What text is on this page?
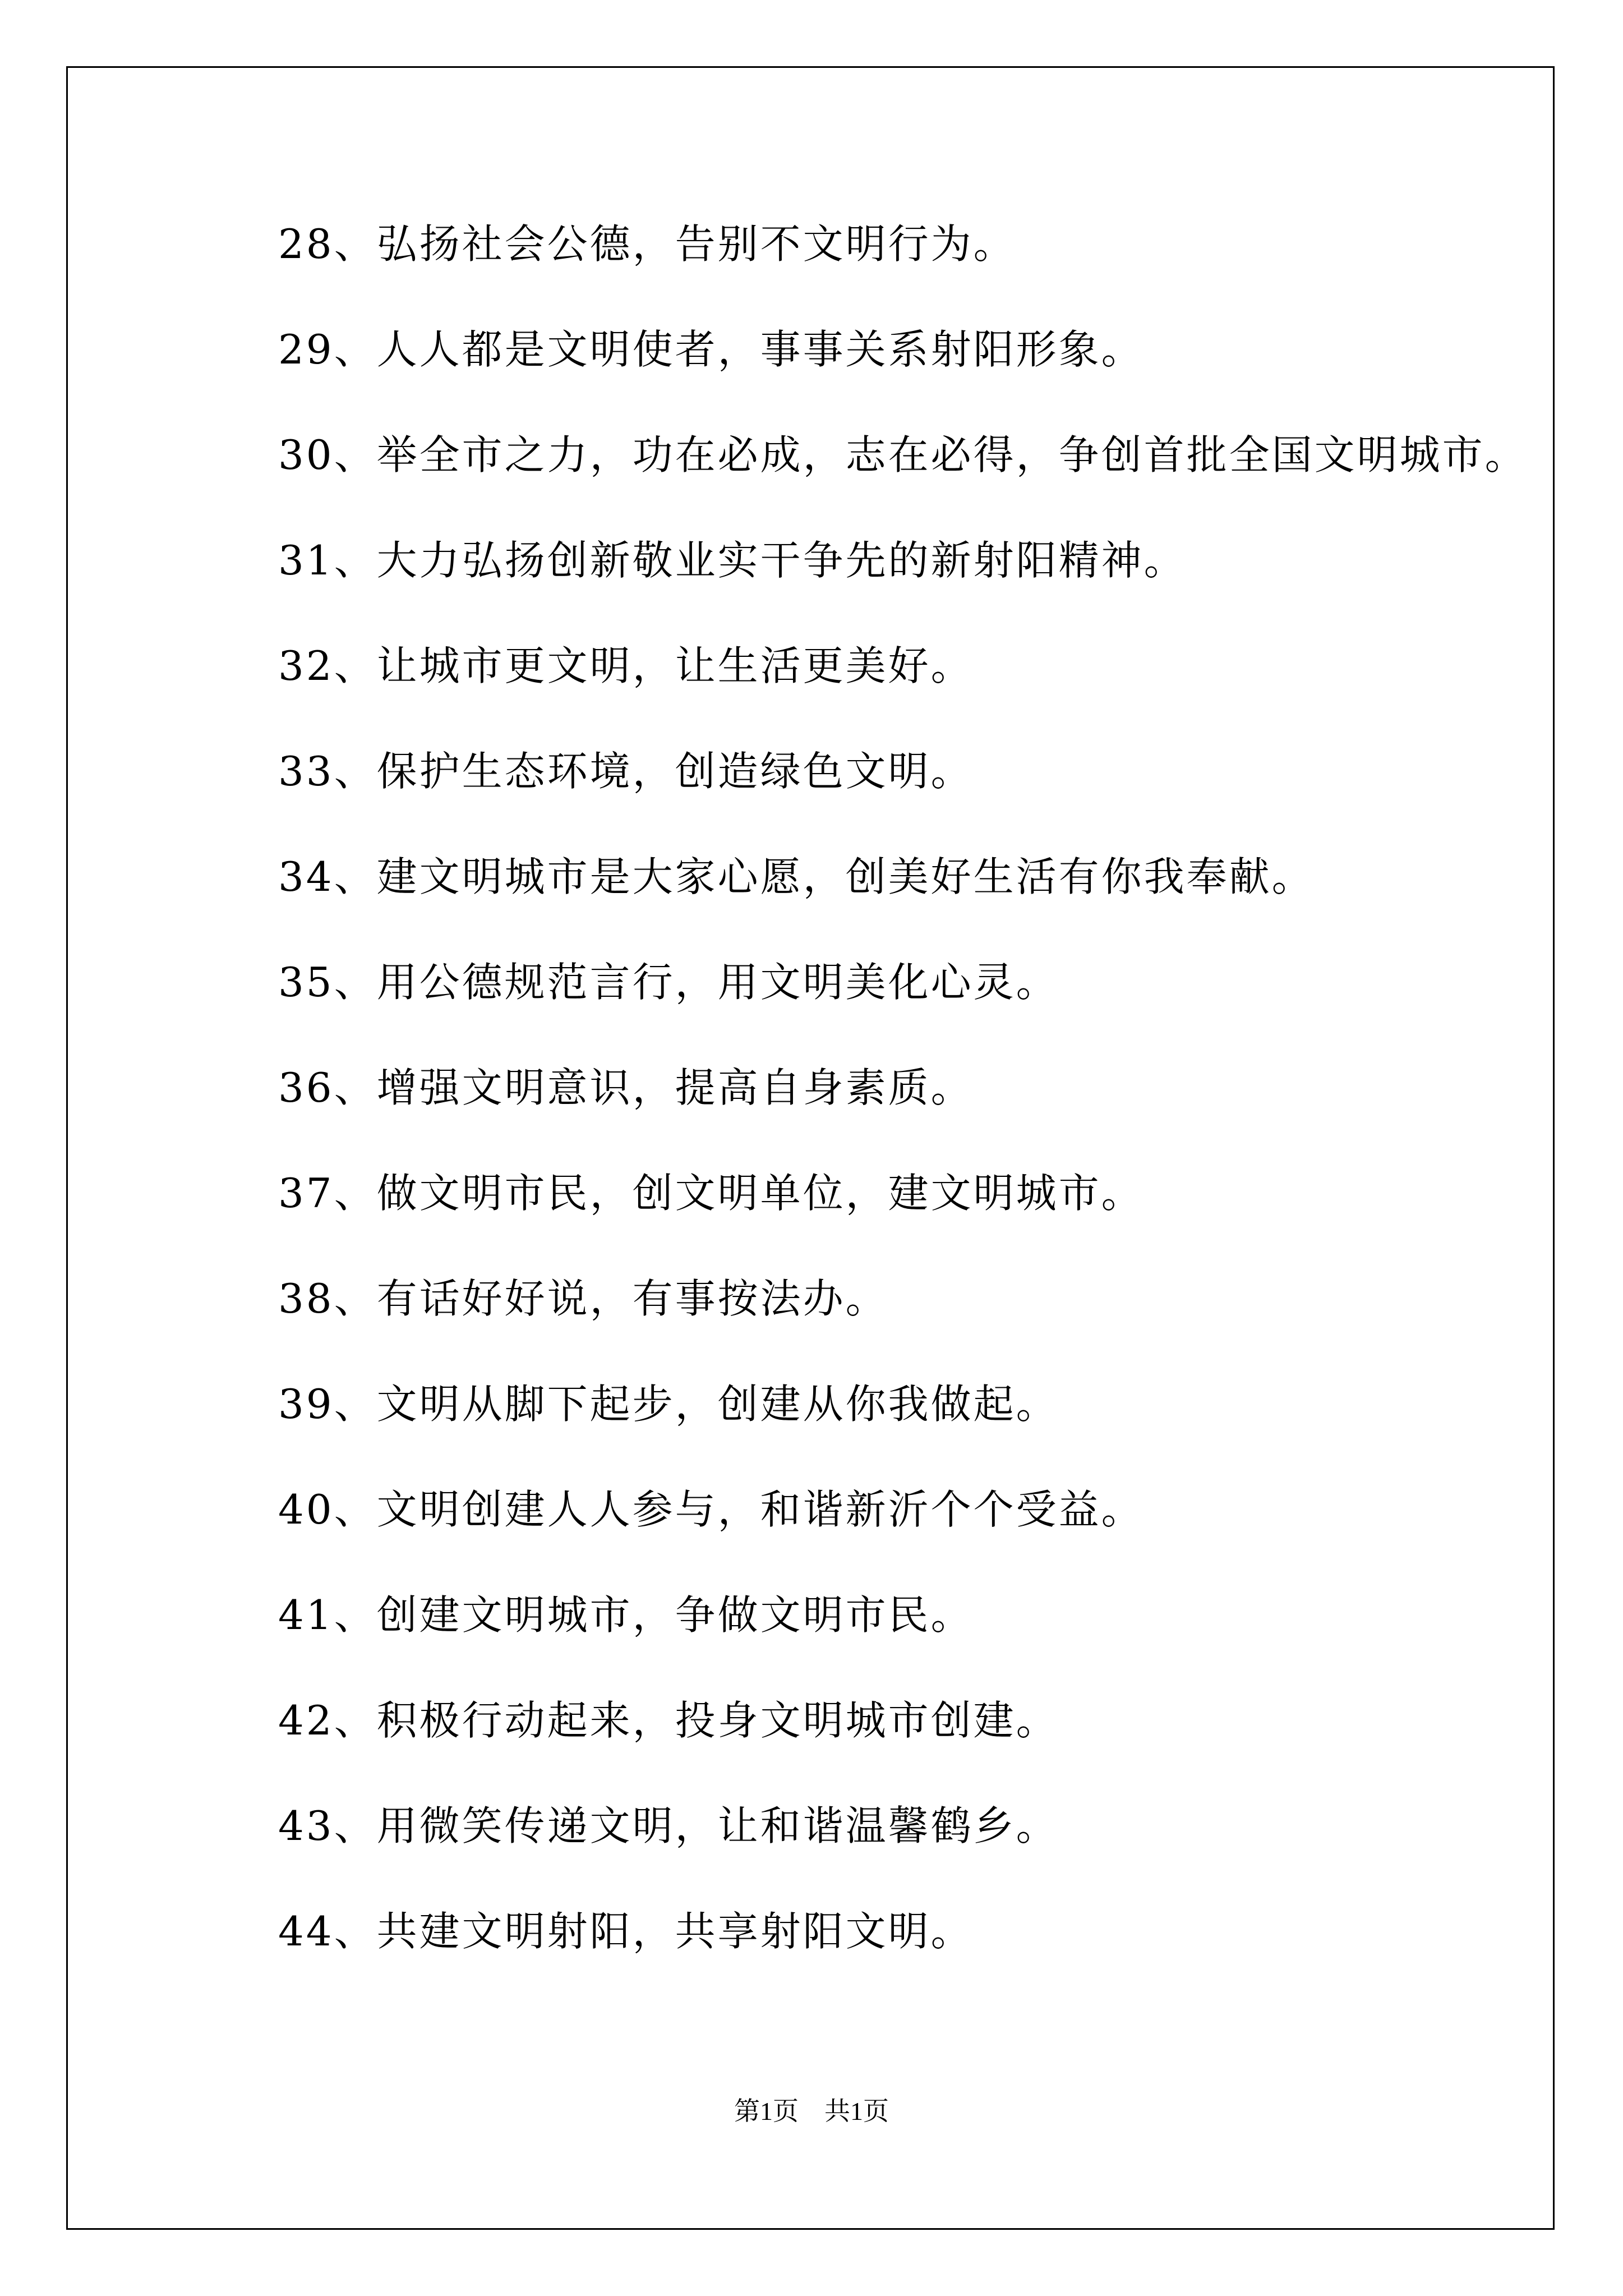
28、弘扬社会公德，告别不文明行为。
29、人人都是文明使者，事事关系射阳形象。
30、举全市之力，功在必成，志在必得，争创首批全国文明城市。
31、大力弘扬创新敬业实干争先的新射阳精神。
32、让城市更文明，让生活更美好。
33、保护生态环境，创造绿色文明。
34、建文明城市是大家心愿，创美好生活有你我奉献。
35、用公德规范言行，用文明美化心灵。
36、增强文明意识，提高自身素质。
37、做文明市民，创文明单位，建文明城市。
38、有话好好说，有事按法办。
39、文明从脚下起步，创建从你我做起。
40、文明创建人人参与，和谐新沂个个受益。
41、创建文明城市，争做文明市民。
42、积极行动起来，投身文明城市创建。
43、用微笑传递文明，让和谐温馨鹤乡。
44、共建文明射阳，共享射阳文明。
第1页　共1页
